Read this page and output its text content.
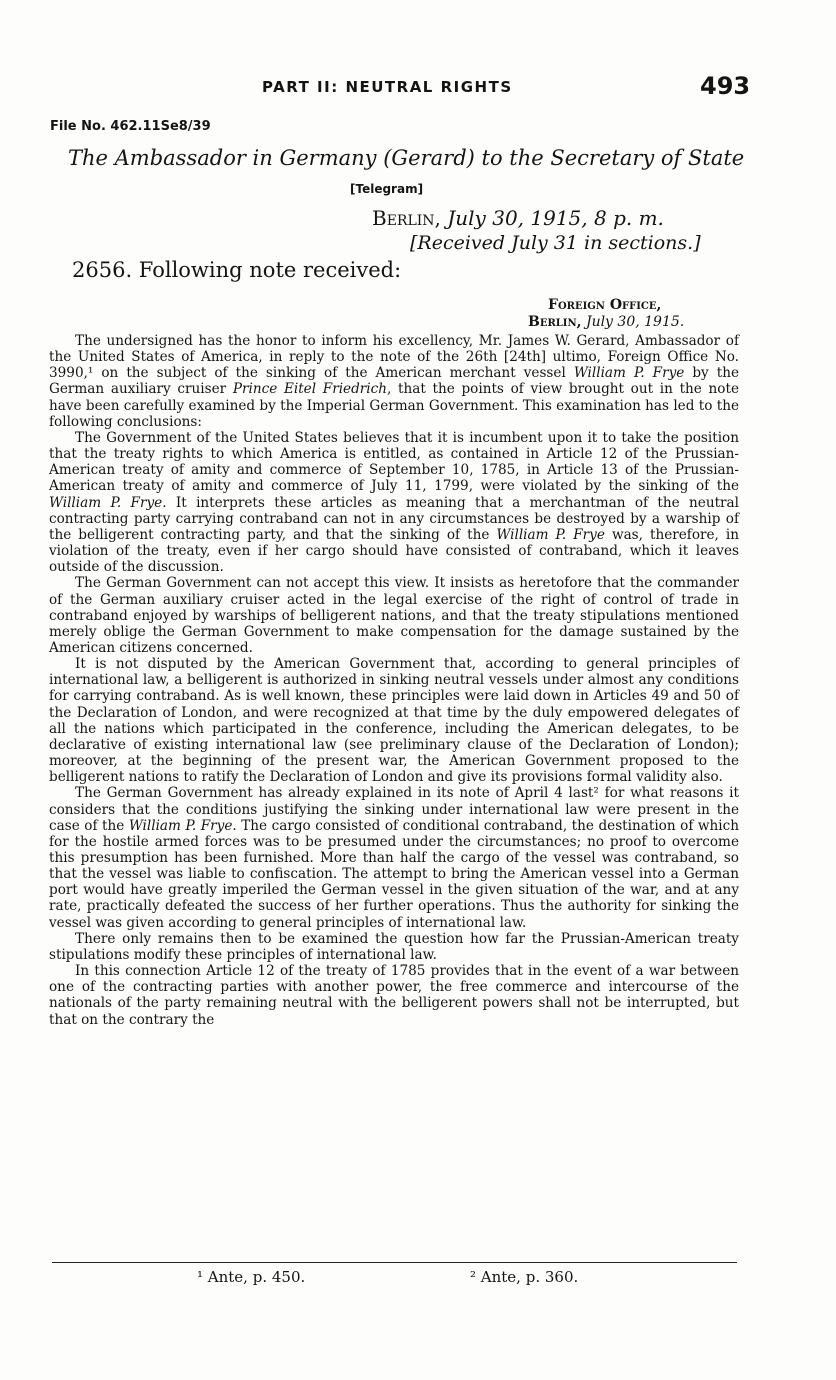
PART II: NEUTRAL RIGHTS	493
File No. 462.11Se8/39
The Ambassador in Germany (Gerard) to the Secretary of State
[Telegram]
Berlin, July 30, 1915, 8 p. m.
[Received July 31 in sections.]
2656. Following note received:
Foreign Office,
Berlin, July 30, 1915.

The undersigned has the honor to inform his excellency, Mr. James W. Gerard, Ambassador of the United States of America, in reply to the note of the 26th [24th] ultimo, Foreign Office No. 3990,¹ on the subject of the sinking of the American merchant vessel William P. Frye by the German auxiliary cruiser Prince Eitel Friedrich, that the points of view brought out in the note have been carefully examined by the Imperial German Government. This examination has led to the following conclusions:

The Government of the United States believes that it is incumbent upon it to take the position that the treaty rights to which America is entitled, as contained in Article 12 of the Prussian-American treaty of amity and commerce of September 10, 1785, in Article 13 of the Prussian-American treaty of amity and commerce of July 11, 1799, were violated by the sinking of the William P. Frye. It interprets these articles as meaning that a merchantman of the neutral contracting party carrying contraband can not in any circumstances be destroyed by a warship of the belligerent contracting party, and that the sinking of the William P. Frye was, therefore, in violation of the treaty, even if her cargo should have consisted of contraband, which it leaves outside of the discussion.

The German Government can not accept this view. It insists as heretofore that the commander of the German auxiliary cruiser acted in the legal exercise of the right of control of trade in contraband enjoyed by warships of belligerent nations, and that the treaty stipulations mentioned merely oblige the German Government to make compensation for the damage sustained by the American citizens concerned.

It is not disputed by the American Government that, according to general principles of international law, a belligerent is authorized in sinking neutral vessels under almost any conditions for carrying contraband. As is well known, these principles were laid down in Articles 49 and 50 of the Declaration of London, and were recognized at that time by the duly empowered delegates of all the nations which participated in the conference, including the American delegates, to be declarative of existing international law (see preliminary clause of the Declaration of London); moreover, at the beginning of the present war, the American Government proposed to the belligerent nations to ratify the Declaration of London and give its provisions formal validity also.

The German Government has already explained in its note of April 4 last² for what reasons it considers that the conditions justifying the sinking under international law were present in the case of the William P. Frye. The cargo consisted of conditional contraband, the destination of which for the hostile armed forces was to be presumed under the circumstances; no proof to overcome this presumption has been furnished. More than half the cargo of the vessel was contraband, so that the vessel was liable to confiscation. The attempt to bring the American vessel into a German port would have greatly imperiled the German vessel in the given situation of the war, and at any rate, practically defeated the success of her further operations. Thus the authority for sinking the vessel was given according to general principles of international law.

There only remains then to be examined the question how far the Prussian-American treaty stipulations modify these principles of international law.

In this connection Article 12 of the treaty of 1785 provides that in the event of a war between one of the contracting parties with another power, the free commerce and intercourse of the nationals of the party remaining neutral with the belligerent powers shall not be interrupted, but that on the contrary the

¹ Ante, p. 450.	² Ante, p. 360.
